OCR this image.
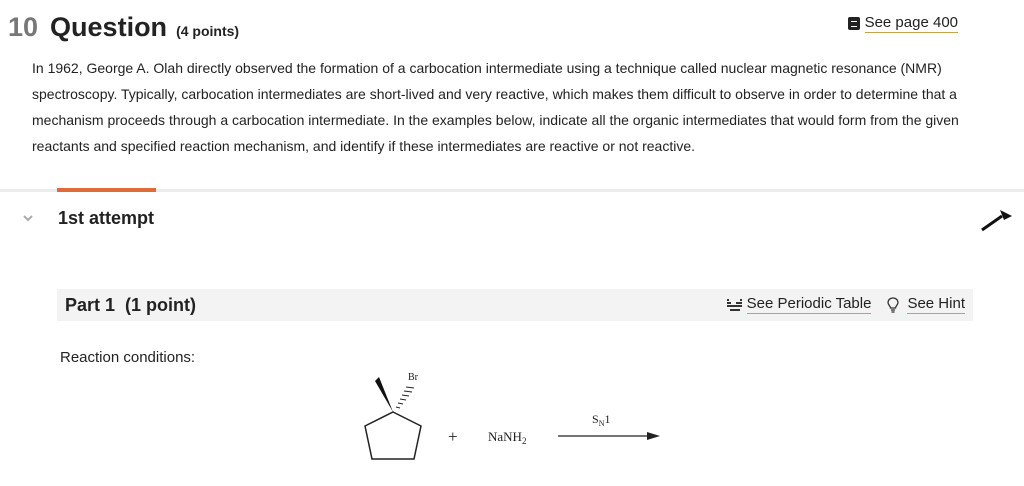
10 Question (4 points)	See page 400
In 1962, George A. Olah directly observed the formation of a carbocation intermediate using a technique called nuclear magnetic resonance (NMR) spectroscopy. Typically, carbocation intermediates are short-lived and very reactive, which makes them difficult to observe in order to determine that a mechanism proceeds through a carbocation intermediate. In the examples below, indicate all the organic intermediates that would form from the given reactants and specified reaction mechanism, and identify if these intermediates are reactive or not reactive.
1st attempt
Part 1 (1 point)	See Periodic Table See Hint
Reaction conditions:
Br
+ NaNH$_2$
$S_N1$
